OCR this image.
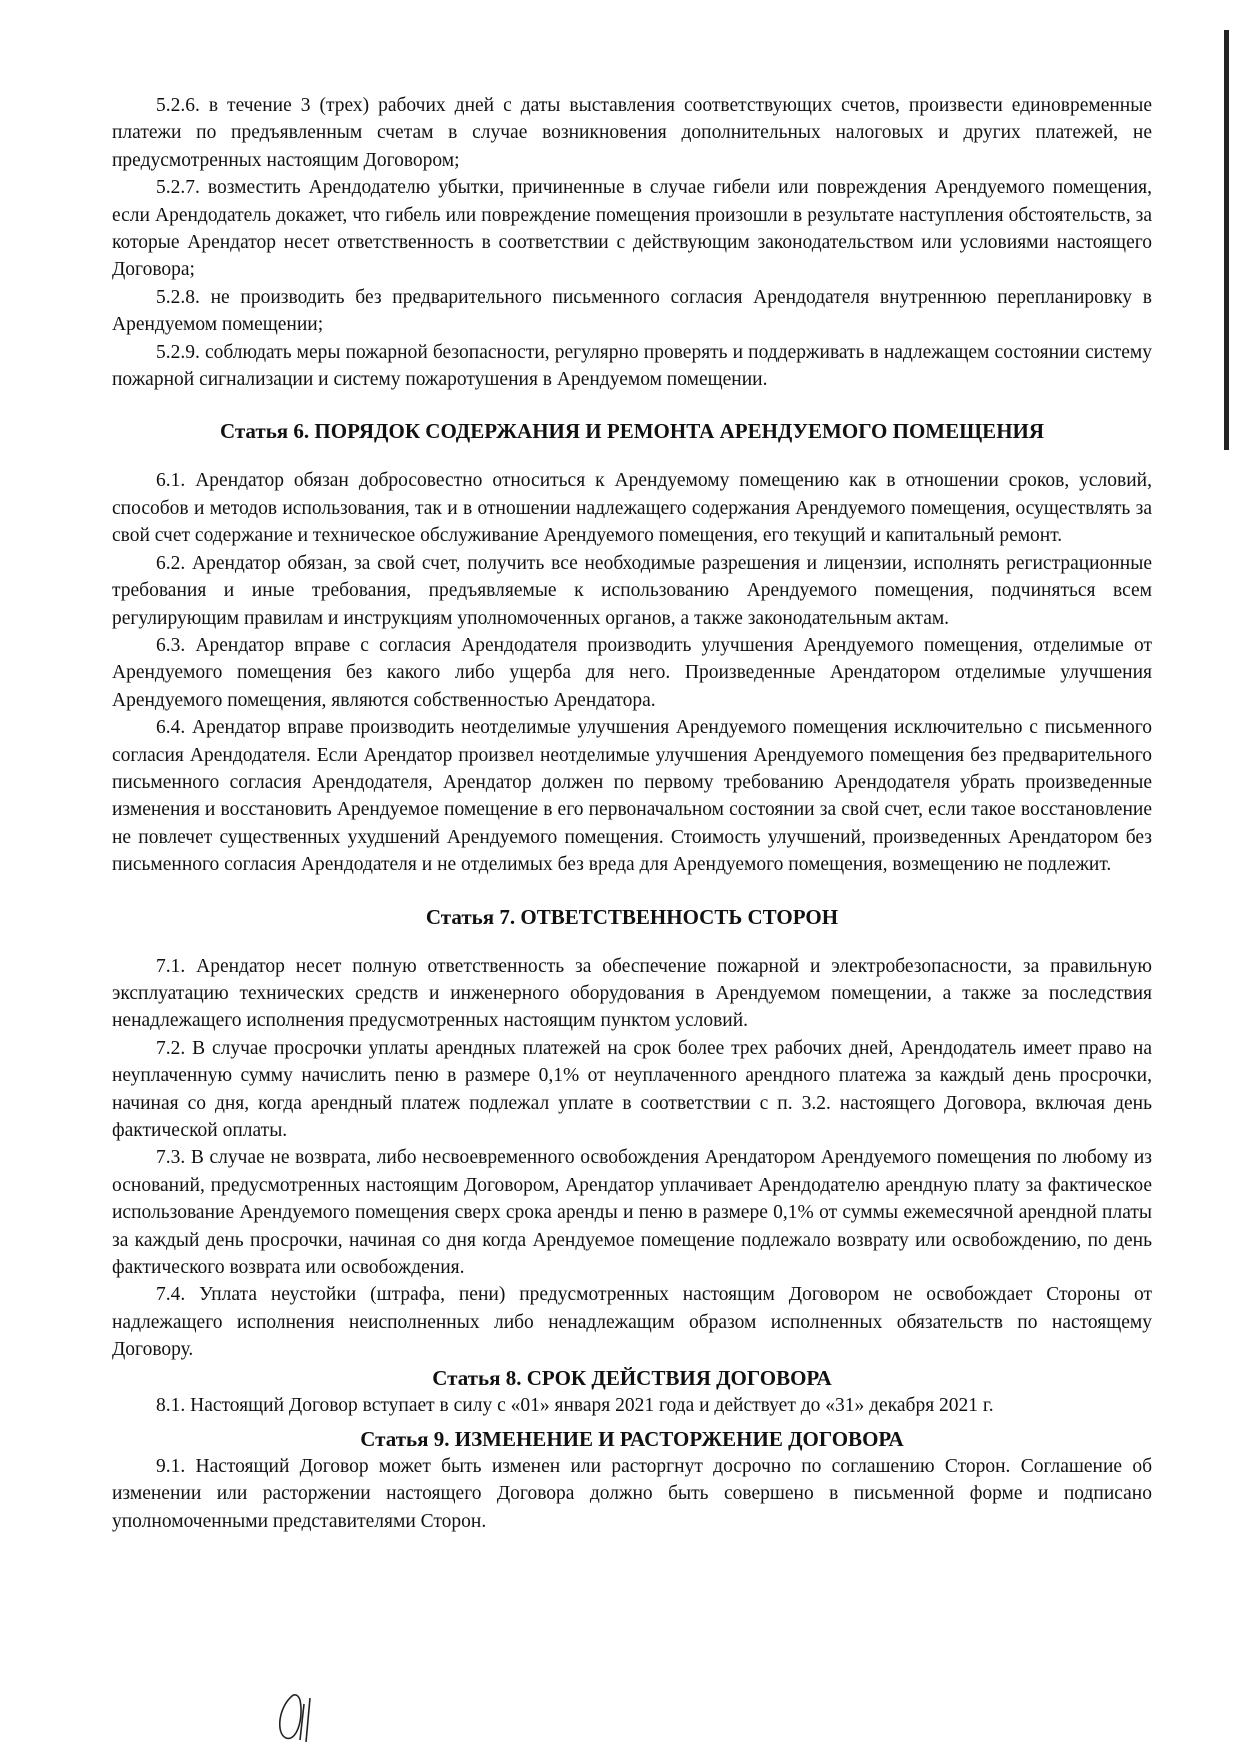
5.2.6. в течение 3 (трех) рабочих дней с даты выставления соответствующих счетов, произвести единовременные платежи по предъявленным счетам в случае возникновения дополнительных налоговых и других платежей, не предусмотренных настоящим Договором;

5.2.7. возместить Арендодателю убытки, причиненные в случае гибели или повреждения Арендуемого помещения, если Арендодатель докажет, что гибель или повреждение помещения произошли в результате наступления обстоятельств, за которые Арендатор несет ответственность в соответствии с действующим законодательством или условиями настоящего Договора;

5.2.8. не производить без предварительного письменного согласия Арендодателя внутреннюю перепланировку в Арендуемом помещении;

5.2.9. соблюдать меры пожарной безопасности, регулярно проверять и поддерживать в надлежащем состоянии систему пожарной сигнализации и систему пожаротушения в Арендуемом помещении.

Статья 6. ПОРЯДОК СОДЕРЖАНИЯ И РЕМОНТА АРЕНДУЕМОГО ПОМЕЩЕНИЯ

6.1. Арендатор обязан добросовестно относиться к Арендуемому помещению как в отношении сроков, условий, способов и методов использования, так и в отношении надлежащего содержания Арендуемого помещения, осуществлять за свой счет содержание и техническое обслуживание Арендуемого помещения, его текущий и капитальный ремонт.

6.2. Арендатор обязан, за свой счет, получить все необходимые разрешения и лицензии, исполнять регистрационные требования и иные требования, предъявляемые к использованию Арендуемого помещения, подчиняться всем регулирующим правилам и инструкциям уполномоченных органов, а также законодательным актам.

6.3. Арендатор вправе с согласия Арендодателя производить улучшения Арендуемого помещения, отделимые от Арендуемого помещения без какого либо ущерба для него. Произведенные Арендатором отделимые улучшения Арендуемого помещения, являются собственностью Арендатора.

6.4. Арендатор вправе производить неотделимые улучшения Арендуемого помещения исключительно с письменного согласия Арендодателя. Если Арендатор произвел неотделимые улучшения Арендуемого помещения без предварительного письменного согласия Арендодателя, Арендатор должен по первому требованию Арендодателя убрать произведенные изменения и восстановить Арендуемое помещение в его первоначальном состоянии за свой счет, если такое восстановление не повлечет существенных ухудшений Арендуемого помещения. Стоимость улучшений, произведенных Арендатором без письменного согласия Арендодателя и не отделимых без вреда для Арендуемого помещения, возмещению не подлежит.

Статья 7. ОТВЕТСТВЕННОСТЬ СТОРОН

7.1. Арендатор несет полную ответственность за обеспечение пожарной и электробезопасности, за правильную эксплуатацию технических средств и инженерного оборудования в Арендуемом помещении, а также за последствия ненадлежащего исполнения предусмотренных настоящим пунктом условий.

7.2. В случае просрочки уплаты арендных платежей на срок более трех рабочих дней, Арендодатель имеет право на неуплаченную сумму начислить пеню в размере 0,1% от неуплаченного арендного платежа за каждый день просрочки, начиная со дня, когда арендный платеж подлежал уплате в соответствии с п. 3.2. настоящего Договора, включая день фактической оплаты.

7.3. В случае не возврата, либо несвоевременного освобождения Арендатором Арендуемого помещения по любому из оснований, предусмотренных настоящим Договором, Арендатор уплачивает Арендодателю арендную плату за фактическое использование Арендуемого помещения сверх срока аренды и пеню в размере 0,1% от суммы ежемесячной арендной платы за каждый день просрочки, начиная со дня когда Арендуемое помещение подлежало возврату или освобождению, по день фактического возврата или освобождения.

7.4. Уплата неустойки (штрафа, пени) предусмотренных настоящим Договором не освобождает Стороны от надлежащего исполнения неисполненных либо ненадлежащим образом исполненных обязательств по настоящему Договору.

Статья 8. СРОК ДЕЙСТВИЯ ДОГОВОРА

8.1. Настоящий Договор вступает в силу с «01» января 2021 года и действует до «31» декабря 2021 г.

Статья 9. ИЗМЕНЕНИЕ И РАСТОРЖЕНИЕ ДОГОВОРА

9.1. Настоящий Договор может быть изменен или расторгнут досрочно по соглашению Сторон. Соглашение об изменении или расторжении настоящего Договора должно быть совершено в письменной форме и подписано уполномоченными представителями Сторон.
